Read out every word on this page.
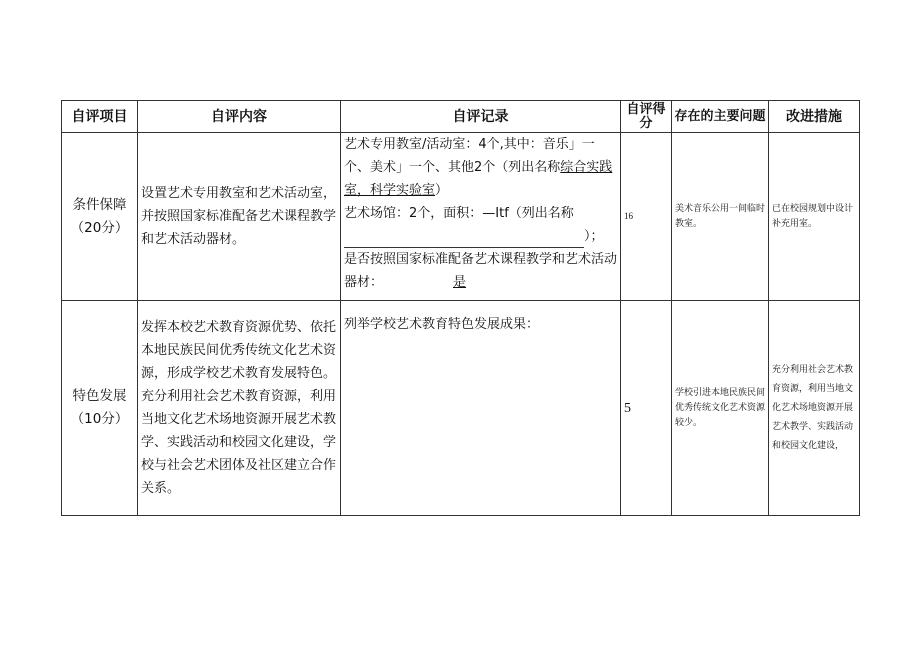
自评项目	自评内容	自评记录	自评得分	存在的主要问题	改进措施
条件保障（20分）	设置艺术专用教室和艺术活动室，并按照国家标准配备艺术课程教学和艺术活动器材。	艺术专用教室/活动室：4个,其中：音乐」一个、美术」一个、其他2个（列出名称综合实践室，科学实验室）
艺术场馆：2个，面积：—Itf（列出名称
）；
是否按照国家标准配备艺术课程教学和艺术活动器材： 是	16	美术音乐公用一间临时教室。	已在校园规划中设计补充用室。
特色发展（10分）	发挥本校艺术教育资源优势、依托本地民族民间优秀传统文化艺术资源，形成学校艺术教育发展特色。充分利用社会艺术教育资源，利用当地文化艺术场地资源开展艺术教学、实践活动和校园文化建设，学校与社会艺术团体及社区建立合作关系。	列举学校艺术教育特色发展成果：	5	学校引进本地民族民间优秀传统文化艺术资源较少。	充分利用社会艺术教育资源，利用当地文化艺术场地资源开展艺术教学、实践活动和校园文化建设，
